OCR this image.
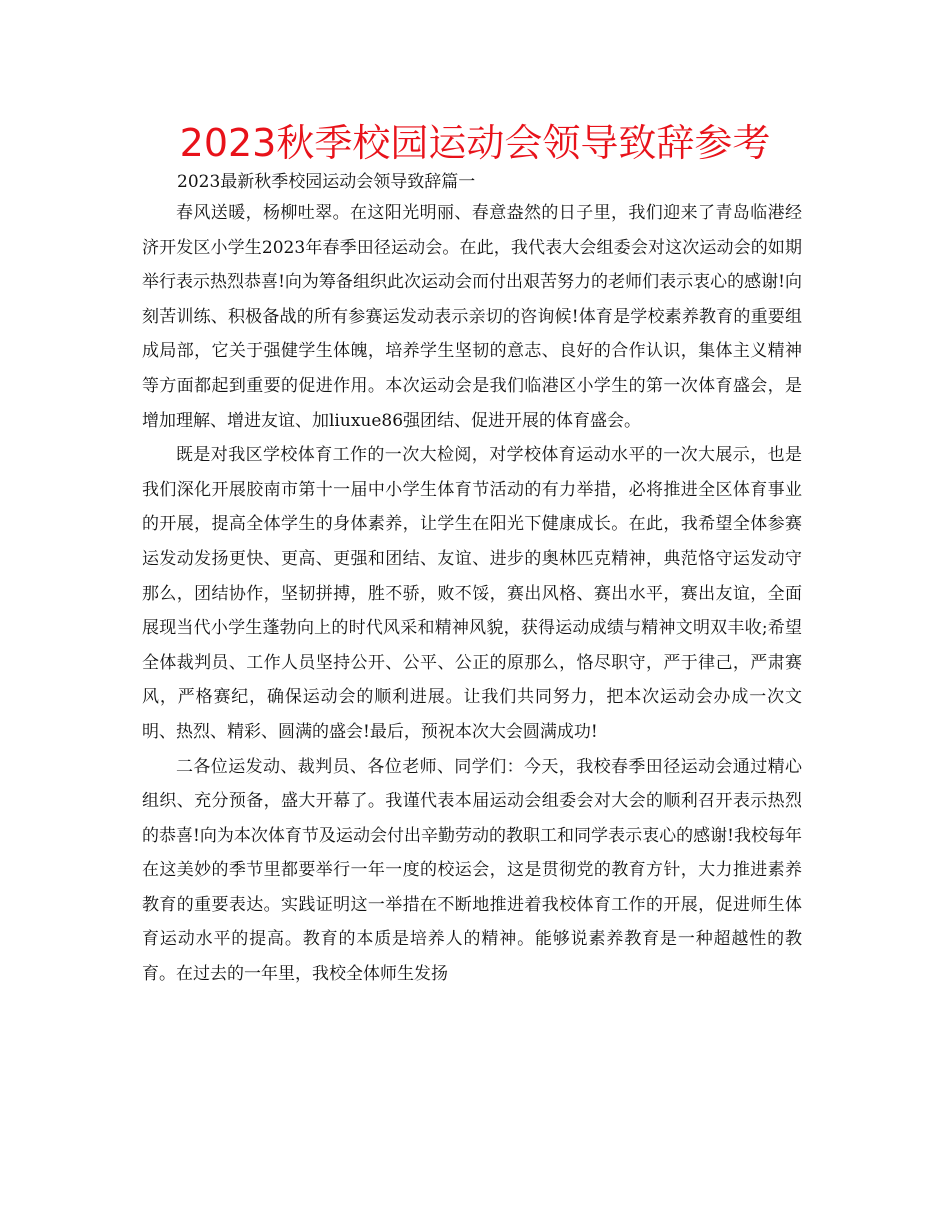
2023秋季校园运动会领导致辞参考

2023最新秋季校园运动会领导致辞篇一

春风送暖，杨柳吐翠。在这阳光明丽、春意盎然的日子里，我们迎来了青岛临港经济开发区小学生2023年春季田径运动会。在此，我代表大会组委会对这次运动会的如期举行表示热烈恭喜!向为筹备组织此次运动会而付出艰苦努力的老师们表示衷心的感谢!向刻苦训练、积极备战的所有参赛运发动表示亲切的咨询候!体育是学校素养教育的重要组成局部，它关于强健学生体魄，培养学生坚韧的意志、良好的合作认识，集体主义精神等方面都起到重要的促进作用。本次运动会是我们临港区小学生的第一次体育盛会，是增加理解、增进友谊、加liuxue86强团结、促进开展的体育盛会。

既是对我区学校体育工作的一次大检阅，对学校体育运动水平的一次大展示，也是我们深化开展胶南市第十一届中小学生体育节活动的有力举措，必将推进全区体育事业的开展，提高全体学生的身体素养，让学生在阳光下健康成长。在此，我希望全体参赛运发动发扬更快、更高、更强和团结、友谊、进步的奥林匹克精神，典范恪守运发动守那么，团结协作，坚韧拼搏，胜不骄，败不馁，赛出风格、赛出水平，赛出友谊，全面展现当代小学生蓬勃向上的时代风采和精神风貌，获得运动成绩与精神文明双丰收;希望全体裁判员、工作人员坚持公开、公平、公正的原那么，恪尽职守，严于律己，严肃赛风，严格赛纪，确保运动会的顺利进展。让我们共同努力，把本次运动会办成一次文明、热烈、精彩、圆满的盛会!最后，预祝本次大会圆满成功!

二各位运发动、裁判员、各位老师、同学们：今天，我校春季田径运动会通过精心组织、充分预备，盛大开幕了。我谨代表本届运动会组委会对大会的顺利召开表示热烈的恭喜!向为本次体育节及运动会付出辛勤劳动的教职工和同学表示衷心的感谢!我校每年在这美妙的季节里都要举行一年一度的校运会，这是贯彻党的教育方针，大力推进素养教育的重要表达。实践证明这一举措在不断地推进着我校体育工作的开展，促进师生体育运动水平的提高。教育的本质是培养人的精神。能够说素养教育是一种超越性的教育。在过去的一年里，我校全体师生发扬
